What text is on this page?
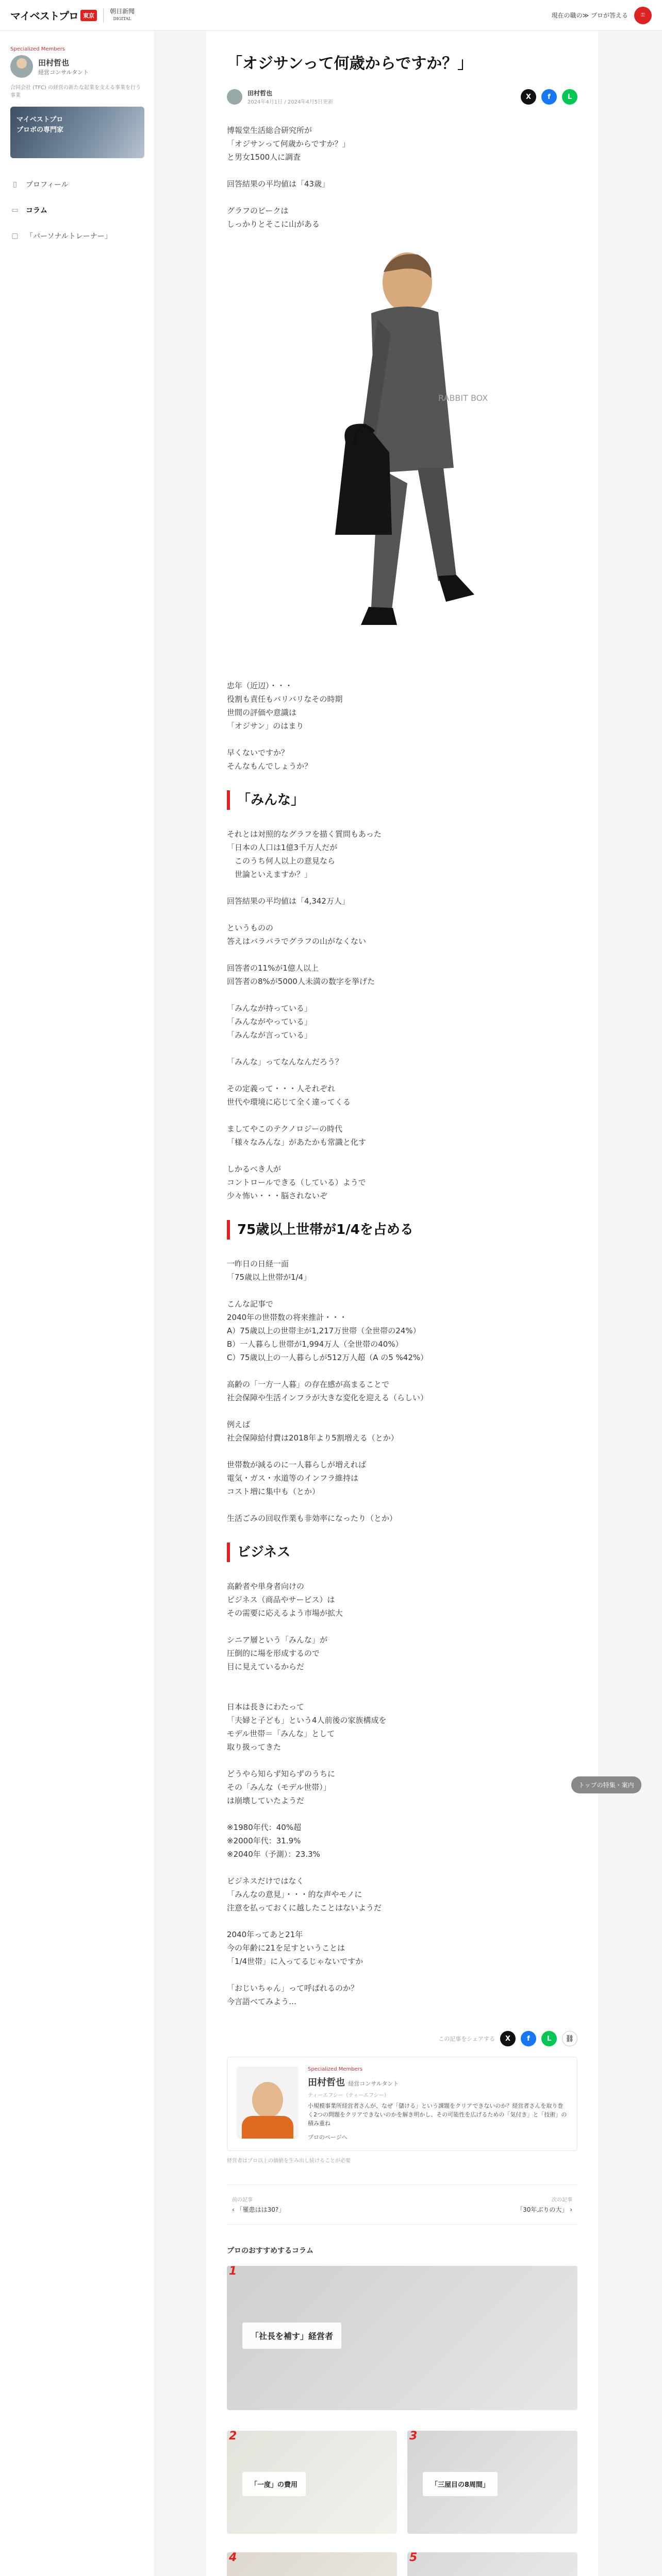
マイベストプロ 東京
朝日新聞
DIGITAL	現在の職の≫ プロが答える	⚿
Specialized Members
田村哲也
経営コンサルタント
合同会社 (TFC) の経営の新たな起業を支える事業を行う事業
マイベストプロ
プロボの専門家
▯	プロフィール
▭ コラム
▢ 「パーソナルトレーナー」
「オジサンって何歳からですか？」
田村哲也
2024年4月1日 / 2024年4月5日更新
X	f	L
博報堂生活総合研究所が
「オジサンって何歳からですか？」
と男女1500人に調査

回答結果の平均値は「43歳」

グラフのピークは
しっかりとそこに山がある
RABBIT BOX
忠年（近辺）・・・
役割も責任もバリバリなその時期
世間の評価や意識は
「オジサン」のはまり

早くないですか？
そんなもんでしょうか？
「みんな」
それとは対照的なグラフを描く質問もあった
「日本の人口は1億3千万人だが
　このうち何人以上の意見なら
　世論といえますか？」

回答結果の平均値は「4,342万人」

というものの
答えはバラバラでグラフの山がなくない

回答者の11%が1億人以上
回答者の8%が5000人未満の数字を挙げた
「みんなが持っている」
「みんながやっている」
「みんなが言っている」

「みんな」ってなんなんだろう？

その定義って・・・人それぞれ
世代や環境に応じて全く違ってくる

ましてやこのテクノロジーの時代
「様々なみんな」があたかも常識と化す

しかるべき人が
コントロールできる（している）ようで
少々怖い・・・脳されないぞ
75歳以上世帯が1/4を占める
一昨日の日経一面
「75歳以上世帯が1/4」

こんな記事で
2040年の世帯数の将来推計・・・
A）75歳以上の世帯主が1,217万世帯（全世帯の24%）
B）一人暮らし世帯が1,994万人（全世帯の40%）
C）75歳以上の一人暮らしが512万人超（A の5 %42%）

高齢の「一方一人暮」の存在感が高まることで
社会保障や生活インフラが大きな変化を迎える（らしい）

例えば
社会保障給付費は2018年より5割増える（とか）

世帯数が減るのに一人暮らしが増えれば
電気・ガス・水道等のインフラ維持は
コスト増に集中も（とか）

生活ごみの回収作業も非効率になったり（とか）
ビジネス
高齢者や単身者向けの
ビジネス（商品やサービス）は
その需要に応えるよう市場が拡大

シニア層という「みんな」が
圧倒的に場を形成するので
目に見えているからだ

日本は長きにわたって
「夫婦と子ども」という4人前後の家族構成を
モデル世帯＝「みんな」として
取り扱ってきた

どうやら知らず知らずのうちに
その「みんな（モデル世帯）」
は崩壊していたようだ

※1980年代：40%超
※2000年代：31.9%
※2040年（予測）：23.3%

ビジネスだけではなく
「みんなの意見」・・・的な声やモノに
注意を払っておくに越したことはないようだ
2040年ってあと21年
今の年齢に21を足すということは
「1/4世帯」に入ってるじゃないですか

「おじいちゃん」って呼ばれるのか？
今言語べてみよう…
この記事をシェアする	X	f	L	⛓
Specialized Members
田村哲也 経営コンサルタント
ティーエフシー（ティーエフシー）
小規模事業所経営者さんが、なぜ「儲ける」という課題をクリアできないのか？経営者さんを取り巻く2つの問題をクリアできないのかを解き明かし、その可能性を広げるための「気付き」と「技術」の積み重ね
プロのページへ
経営者はプロ以上の価値を生み出し続けることが必要
前の記事
‹ 「罹患はは30?」
次の記事
「30年ぶりの大」 ›
プロのおすすめするコラム
1
「社長を補す」経営者
2
「一度」の費用
3
「三屋目の8周間」
4	5
トップの特集・案内
